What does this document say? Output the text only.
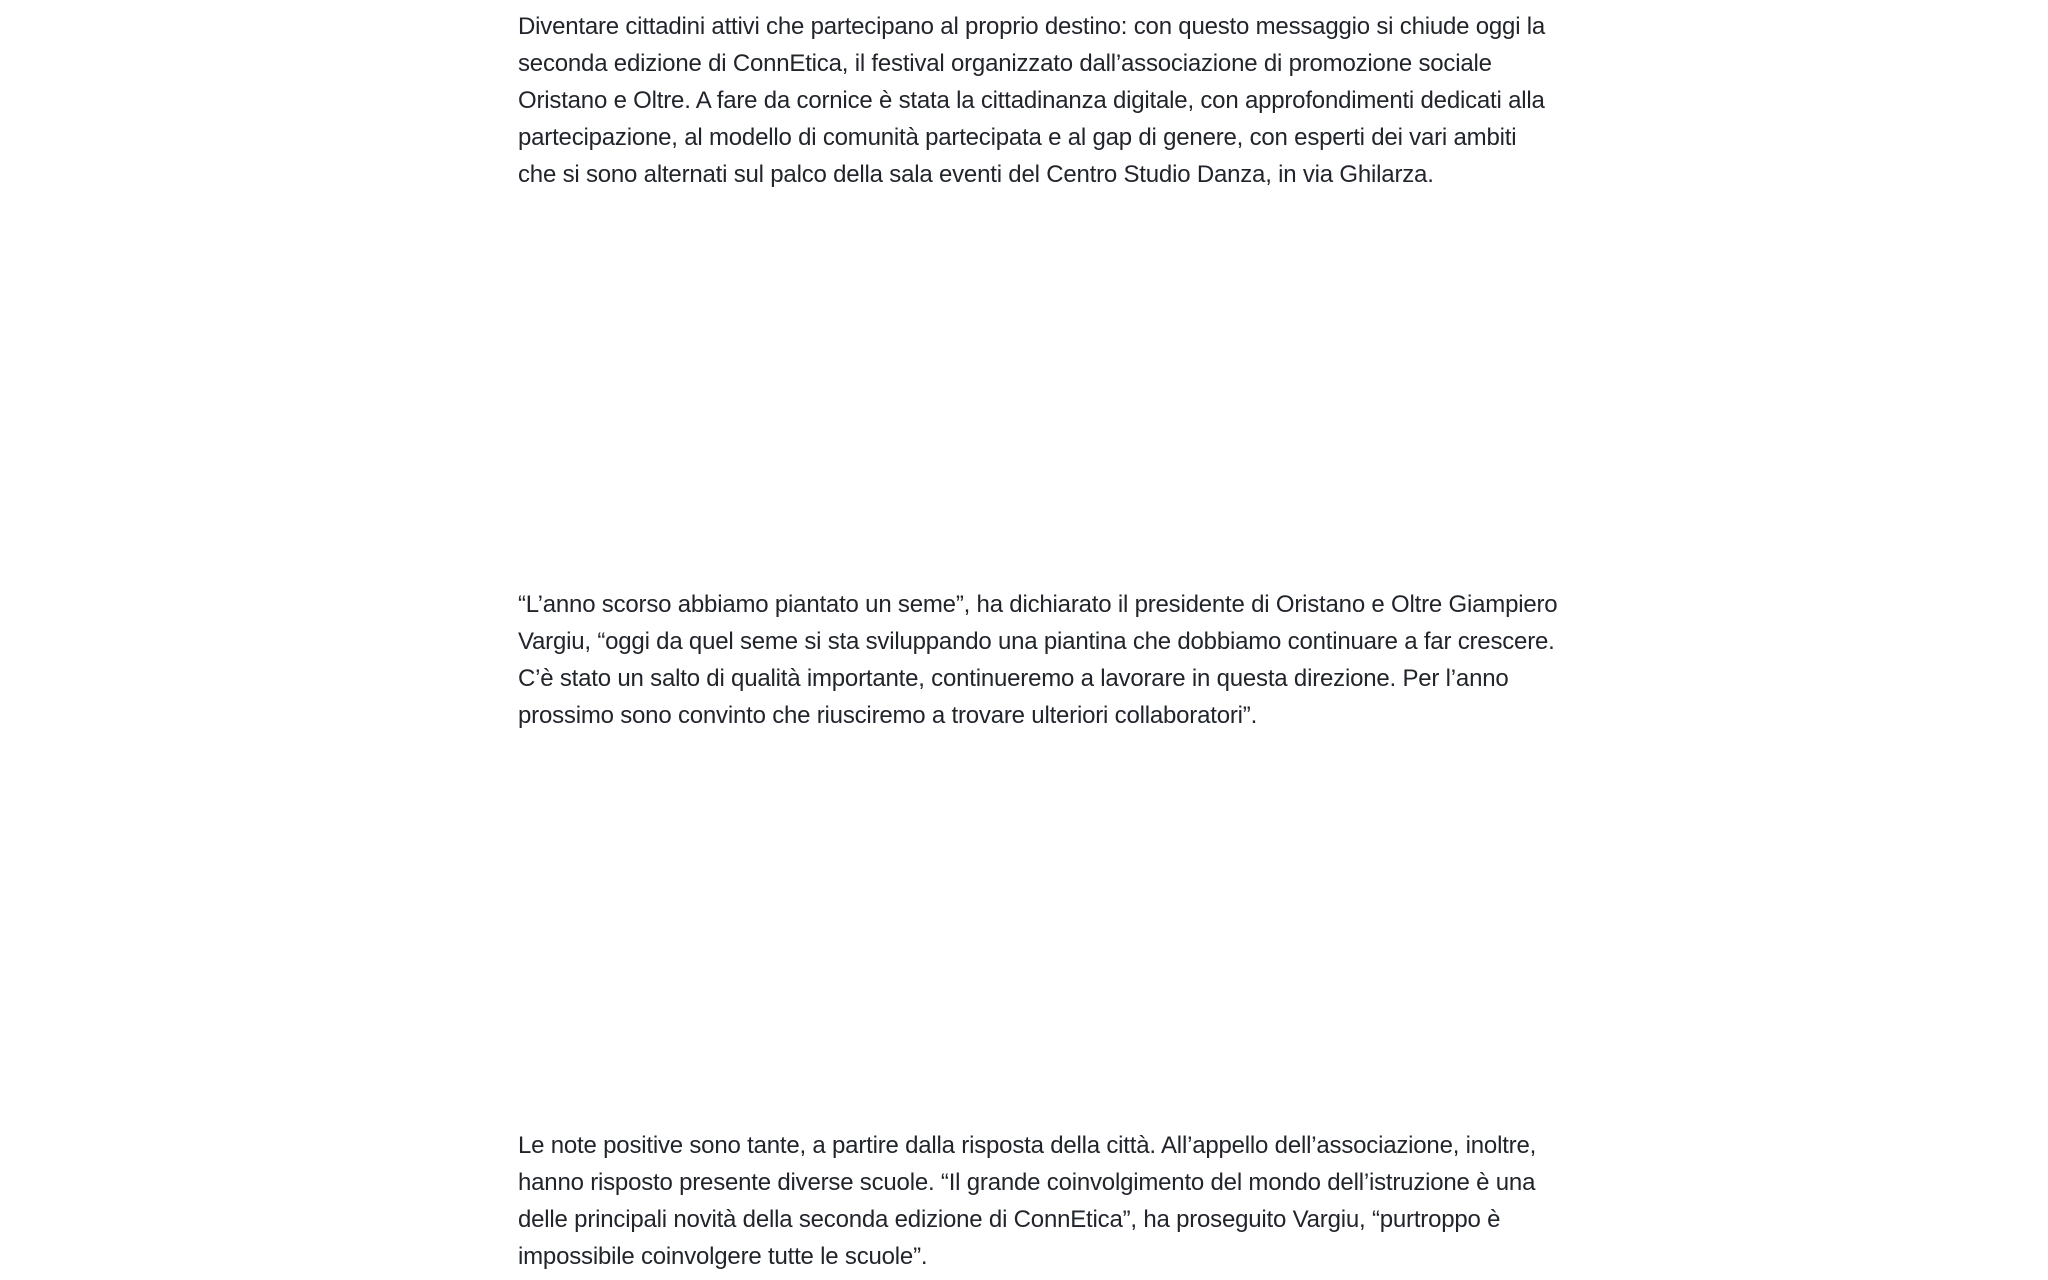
Diventare cittadini attivi che partecipano al proprio destino: con questo messaggio si chiude oggi la seconda edizione di ConnEtica, il festival organizzato dall’associazione di promozione sociale Oristano e Oltre. A fare da cornice è stata la cittadinanza digitale, con approfondimenti dedicati alla partecipazione, al modello di comunità partecipata e al gap di genere, con esperti dei vari ambiti che si sono alternati sul palco della sala eventi del Centro Studio Danza, in via Ghilarza.

“L’anno scorso abbiamo piantato un seme”, ha dichiarato il presidente di Oristano e Oltre Giampiero Vargiu, “oggi da quel seme si sta sviluppando una piantina che dobbiamo continuare a far crescere. C’è stato un salto di qualità importante, continueremo a lavorare in questa direzione. Per l’anno prossimo sono convinto che riusciremo a trovare ulteriori collaboratori”.

Le note positive sono tante, a partire dalla risposta della città. All’appello dell’associazione, inoltre, hanno risposto presente diverse scuole. “Il grande coinvolgimento del mondo dell’istruzione è una delle principali novità della seconda edizione di ConnEtica”, ha proseguito Vargiu, “purtroppo è impossibile coinvolgere tutte le scuole”.
